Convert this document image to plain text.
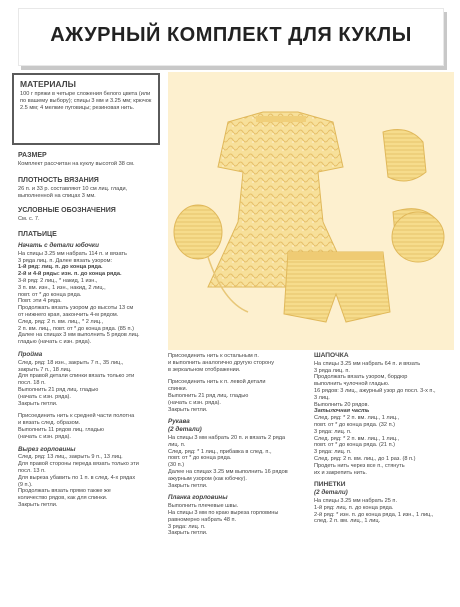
АЖУРНЫЙ КОМПЛЕКТ ДЛЯ КУКЛЫ
МАТЕРИАЛЫ

100 г пряжи в четыре сложения белого цвета (или по вашему выбору); спицы 3 мм и 3.25 мм; крючок 2.5 мм; 4 мелкие пуговицы; резиновая нить.

РАЗМЕР

Комплект рассчитан на куклу высотой 38 см.

ПЛОТНОСТЬ ВЯЗАНИЯ

26 п. и 33 р. составляют 10 см лиц. глади, выполненной на спицах 3 мм.

УСЛОВНЫЕ ОБОЗНАЧЕНИЯ

См. с. 7.

ПЛАТЬИЦЕ

Начать с детали юбочки

На спицы 3.25 мм набрать 114 п. и вязать

3 ряда лиц. п. Далее вязать узором:

1-й ряд: лиц. п. до конца ряда.

2-й и 4-й ряды: изн. п. до конца ряда.

3-й ряд: 2 лиц., * накид, 1 изн.,

3 п. вм. изн., 1 изн., накид, 2 лиц.,

повт. от * до конца ряда.

Повт. эти 4 ряда.

Продолжать вязать узором до высоты 13 см

от нижнего края, закончить 4-м рядом.

След. ряд: 2 п. вм. лиц., * 2 лиц.,

2 п. вм. лиц., повт. от * до конца ряда. (85 п.)

Далее на спицах 3 мм выполнить 5 рядов лиц.

гладью (начать с изн. ряда).

Пройма

След. ряд: 18 изн., закрыть 7 п., 35 лиц.,

закрыть 7 п., 18 лиц.

Для правой детали спинки вязать только эти

посл. 18 п.

Выполнить 21 ряд лиц. гладью

(начать с изн. ряда).

Закрыть петли.

Присоединить нить к средней части полотна

и вязать след. образом.

Выполнить 11 рядов лиц. гладью

(начать с изн. ряда).

Вырез горловины

След. ряд: 13 лиц., закрыть 9 п., 13 лиц.

Для правой стороны переда вязать только эти

посл. 13 п.

Для выреза убавить по 1 п. в след. 4-х рядах

(9 п.).

Продолжать вязать прямо также же

количество рядов, как для спинки.

Закрыть петли.

Присоединить нить к остальным п.

и выполнить аналогично другую сторону

в зеркальном отображении.

Присоединить нить к п. левой детали

спинки.

Выполнить 21 ряд лиц. гладью

(начать с изн. ряда).

Закрыть петли.

Рукава

(2 детали)

На спицы 3 мм набрать 20 п. и вязать 2 ряда

лиц. п.

След. ряд: * 1 лиц., прибавка в след. п.,

повт. от * до конца ряда.

(30 п.)

Далее на спицах 3.25 мм выполнить 16 рядов

ажурным узором (как юбочку).

Закрыть петли.

Планка горловины

Выполнить плечевые швы.

На спицы 3 мм по краю выреза горловины

равномерно набрать 48 п.

3 ряда: лиц. п.

Закрыть петли.

ШАПОЧКА

На спицы 3.25 мм набрать 64 п. и вязать

3 ряда лиц. п.

Продолжать вязать узором, бордюр

выполнить чулочной гладью.

16 рядов: 3 лиц., ажурный узор до посл. 3-х п.,

3 лиц.

Выполнить 20 рядов.

Затылочная часть

След. ряд: * 2 п. вм. лиц., 1 лиц.,

повт. от * до конца ряда. (32 п.)

3 ряда: лиц. п.

След. ряд: * 2 п. вм. лиц., 1 лиц.,

повт. от * до конца ряда. (21 п.)

3 ряда: лиц. п.

След. ряд: 2 п. вм. лиц., до 1 раз. (8 п.)

Продеть нить через все п., стянуть

их и закрепить нить.

ПИНЕТКИ

(2 детали)

На спицы 3.25 мм набрать 25 п.

1-й ряд: лиц. п. до конца ряда.

2-й ряд: * изн. п. до конца ряда, 1 изн., 1 лиц.,

след. 2 п. вм. лиц., 1 лиц.
